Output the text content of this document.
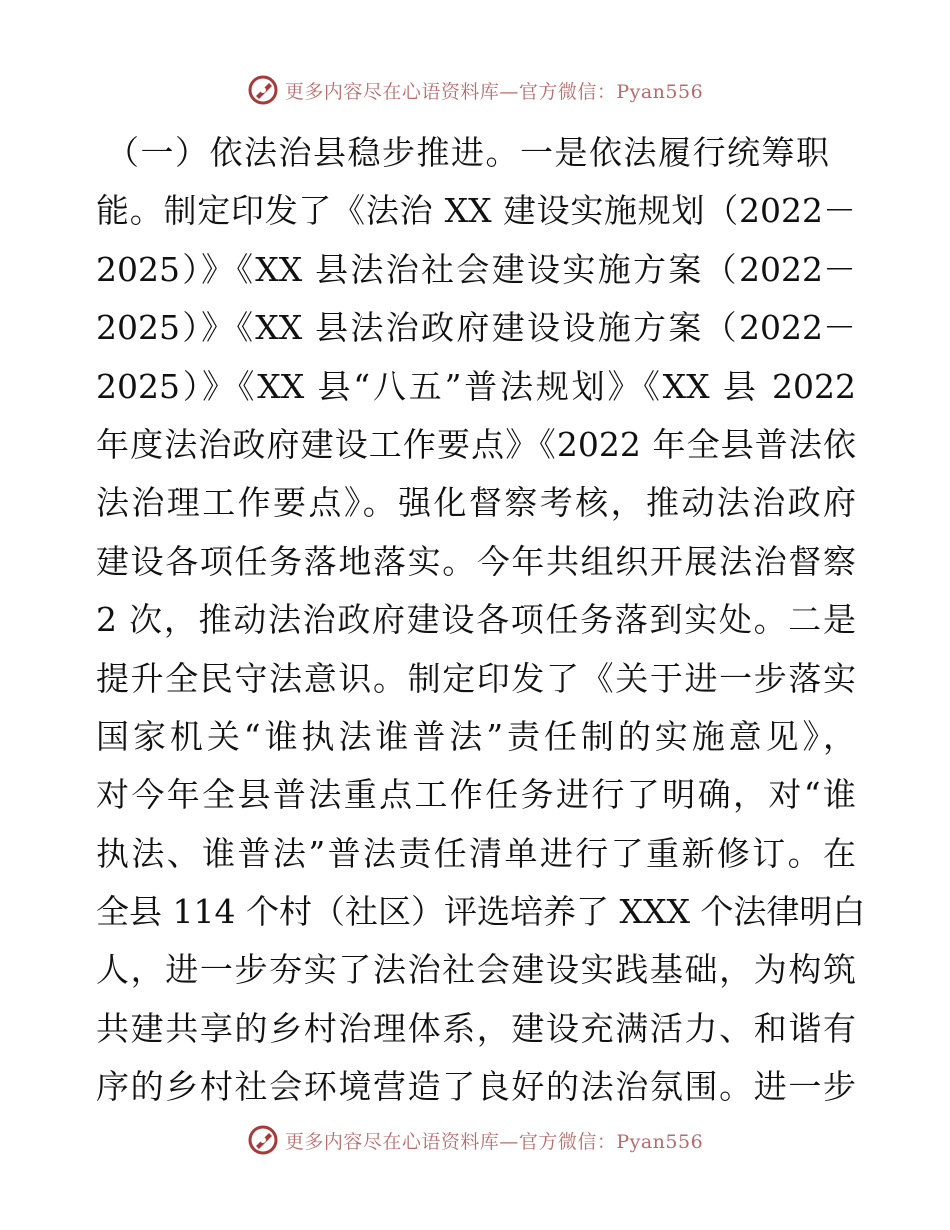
更多内容尽在心语资料库—官方微信：Pyan556
（一）依法治县稳步推进。一是依法履行统筹职
能。制定印发了《法治 XX 建设实施规划（2022－
2025）》《XX 县法治社会建设实施方案（2022－
2025）》《XX 县法治政府建设设施方案（2022－
2025）》《XX 县“八五”普法规划》《XX 县 2022
年度法治政府建设工作要点》《2022 年全县普法依
法治理工作要点》。强化督察考核，推动法治政府
建设各项任务落地落实。今年共组织开展法治督察
2 次，推动法治政府建设各项任务落到实处。二是
提升全民守法意识。制定印发了《关于进一步落实
国家机关“谁执法谁普法”责任制的实施意见》，
对今年全县普法重点工作任务进行了明确，对“谁
执法、谁普法”普法责任清单进行了重新修订。在
全县 114 个村（社区）评选培养了 XXX 个法律明白
人，进一步夯实了法治社会建设实践基础，为构筑
共建共享的乡村治理体系，建设充满活力、和谐有
序的乡村社会环境营造了良好的法治氛围。进一步
更多内容尽在心语资料库—官方微信：Pyan556
